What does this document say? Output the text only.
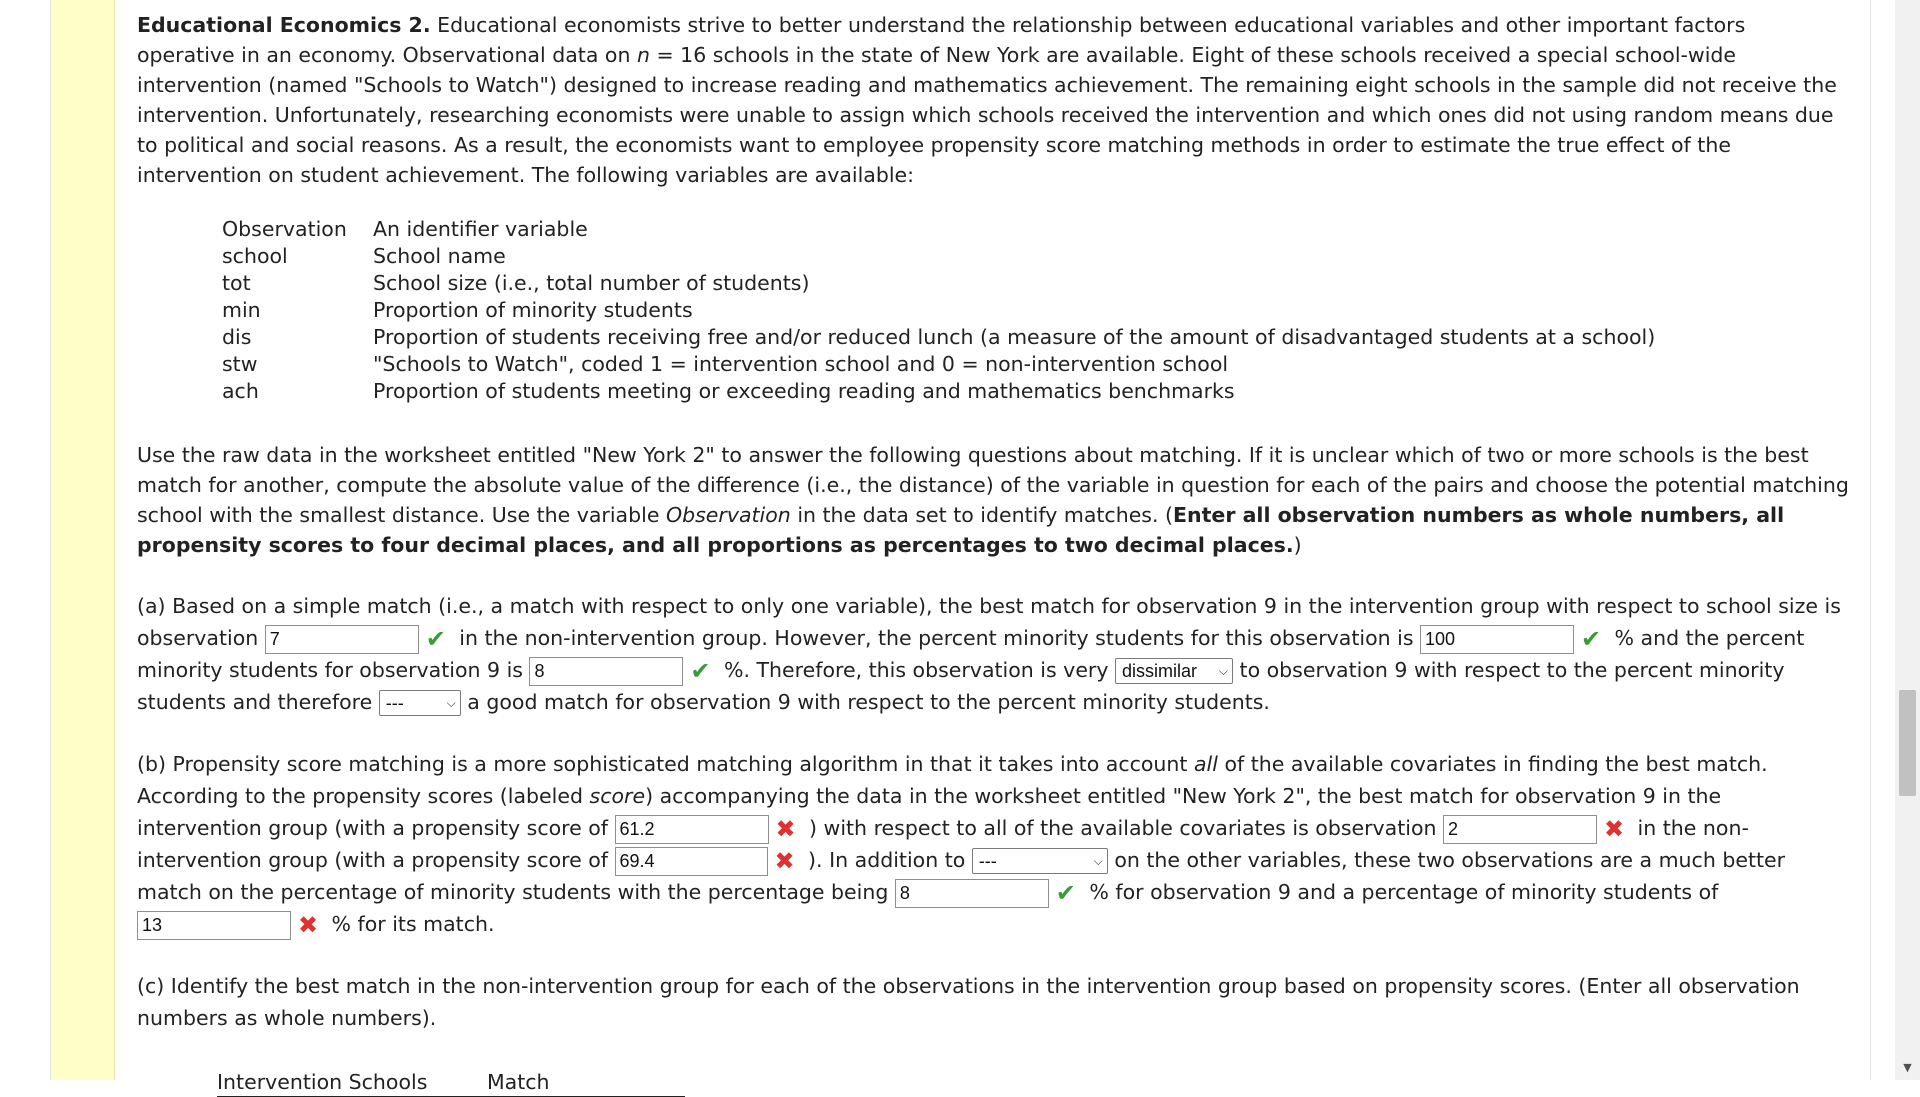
▼

Educational Economics 2. Educational economists strive to better understand the relationship between educational variables and other important factors operative in an economy. Observational data on n = 16 schools in the state of New York are available. Eight of these schools received a special school-wide intervention (named "Schools to Watch") designed to increase reading and mathematics achievement. The remaining eight schools in the sample did not receive the intervention. Unfortunately, researching economists were unable to assign which schools received the intervention and which ones did not using random means due to political and social reasons. As a result, the economists want to employee propensity score matching methods in order to estimate the true effect of the intervention on student achievement. The following variables are available:

Observation	An identifier variable
school	School name
tot	School size (i.e., total number of students)
min	Proportion of minority students
dis	Proportion of students receiving free and/or reduced lunch (a measure of the amount of disadvantaged students at a school)
stw	"Schools to Watch", coded 1 = intervention school and 0 = non-intervention school
ach	Proportion of students meeting or exceeding reading and mathematics benchmarks

Use the raw data in the worksheet entitled "New York 2" to answer the following questions about matching. If it is unclear which of two or more schools is the best match for another, compute the absolute value of the difference (i.e., the distance) of the variable in question for each of the pairs and choose the potential matching school with the smallest distance. Use the variable Observation in the data set to identify matches. (Enter all observation numbers as whole numbers, all propensity scores to four decimal places, and all proportions as percentages to two decimal places.)

(a) Based on a simple match (i.e., a match with respect to only one variable), the best match for observation 9 in the intervention group with respect to school size is observation 7	✔ in the non-intervention group. However, the percent minority students for this observation is 100	✔ % and the percent minority students for observation 9 is 8	✔ %. Therefore, this observation is very dissimilar ⌵ to observation 9 with respect to the percent minority students and therefore ---	⌵ a good match for observation 9 with respect to the percent minority students.

(b) Propensity score matching is a more sophisticated matching algorithm in that it takes into account all of the available covariates in finding the best match. According to the propensity scores (labeled score) accompanying the data in the worksheet entitled "New York 2", the best match for observation 9 in the intervention group (with a propensity score of 61.2	✖ ) with respect to all of the available covariates is observation 2	✖ in the non-intervention group (with a propensity score of 69.4	✖ ). In addition to ---	⌵ on the other variables, these two observations are a much better match on the percentage of minority students with the percentage being 8	✔ % for observation 9 and a percentage of minority students of 13	✖ % for its match.

(c) Identify the best match in the non-intervention group for each of the observations in the intervention group based on propensity scores. (Enter all observation numbers as whole numbers).

Intervention Schools	Match
